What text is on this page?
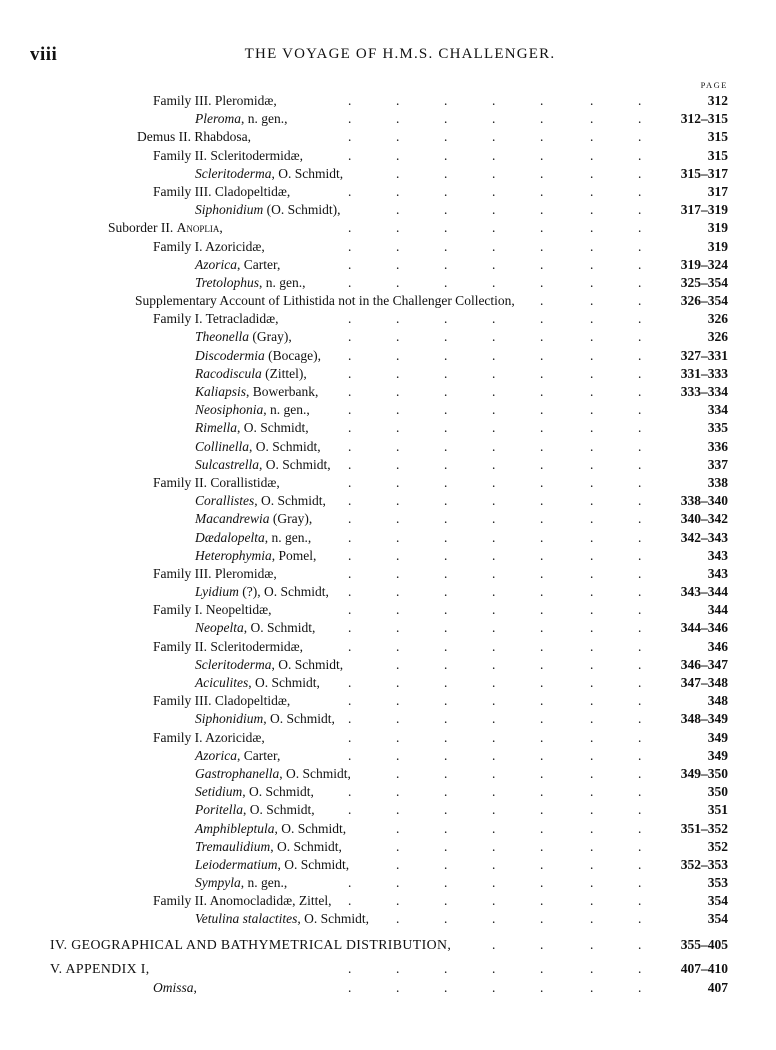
viii	THE VOYAGE OF H.M.S. CHALLENGER.
PAGE
Family III. Pleromidæ,	.	.	.	.	.	.	.	312
Pleroma, n. gen.,	.	.	.	.	.	.	.	312–315
Demus II. Rhabdosa,	.	.	.	.	.	.	.	315
Family II. Scleritodermidæ,	.	.	.	.	.	.	.	315
Scleritoderma, O. Schmidt,	.	.	.	.	.	.	315–317
Family III. Cladopeltidæ,	.	.	.	.	.	.	.	317
Siphonidium (O. Schmidt),	.	.	.	.	.	.	317–319
Suborder II. Anoplia,	.	.	.	.	.	.	.	319
Family I. Azoricidæ,	.	.	.	.	.	.	.	319
Azorica, Carter,	.	.	.	.	.	.	.	319–324
Tretolophus, n. gen.,	.	.	.	.	.	.	.	325–354
Supplementary Account of Lithistida not in the Challenger Collection, .	.	.	326–354
Family I. Tetracladidæ,	.	.	.	.	.	.	.	326
Theonella (Gray),	.	.	.	.	.	.	.	326
Discodermia (Bocage), .	.	.	.	.	.	.	327–331
Racodiscula (Zittel),	.	.	.	.	.	.	.	331–333
Kaliapsis, Bowerbank, .	.	.	.	.	.	.	333–334
Neosiphonia, n. gen.,	.	.	.	.	.	.	.	334
Rimella, O. Schmidt,	.	.	.	.	.	.	.	335
Collinella, O. Schmidt, .	.	.	.	.	.	.	336
Sulcastrella, O. Schmidt, .	.	.	.	.	.	.	337
Family II. Corallistidæ,	.	.	.	.	.	.	.	338
Corallistes, O. Schmidt, .	.	.	.	.	.	.	338–340
Macandrewia (Gray),	.	.	.	.	.	.	.	340–342
Dædalopelta, n. gen.,	.	.	.	.	.	.	.	342–343
Heterophymia, Pomel, .	.	.	.	.	.	.	343
Family III. Pleromidæ,	.	.	.	.	.	.	.	343
Lyidium (?), O. Schmidt, .	.	.	.	.	.	.	343–344
Family I. Neopeltidæ,	.	.	.	.	.	.	.	344
Neopelta, O. Schmidt, .	.	.	.	.	.	.	344–346
Family II. Scleritodermidæ,	.	.	.	.	.	.	.	346
Scleritoderma, O. Schmidt,	.	.	.	.	.	.	346–347
Aciculites, O. Schmidt, .	.	.	.	.	.	.	347–348
Family III. Cladopeltidæ,	.	.	.	.	.	.	.	348
Siphonidium, O. Schmidt, .	.	.	.	.	.	.	348–349
Family I. Azoricidæ,	.	.	.	.	.	.	.	349
Azorica, Carter,	.	.	.	.	.	.	.	349
Gastrophanella, O. Schmidt,	.	.	.	.	.	.	349–350
Setidium, O. Schmidt,	.	.	.	.	.	.	.	350
Poritella, O. Schmidt, .	.	.	.	.	.	.	351
Amphibleptula, O. Schmidt,	.	.	.	.	.	.	351–352
Tremaulidium, O. Schmidt,	.	.	.	.	.	.	352
Leiodermatium, O. Schmidt,	.	.	.	.	.	.	352–353
Sympyla, n. gen.,	.	.	.	.	.	.	.	353
Family II. Anomocladidæ, Zittel, .	.	.	.	.	.	.	354
Vetulina stalactites, O. Schmidt, .	.	.	.	.	.	354
IV. GEOGRAPHICAL AND BATHYMETRICAL DISTRIBUTION,	.	.	.	.	355–405
V. APPENDIX I,	.	.	.	.	.	.	.	407–410
Omissa,	.	.	.	.	.	.	.	407
